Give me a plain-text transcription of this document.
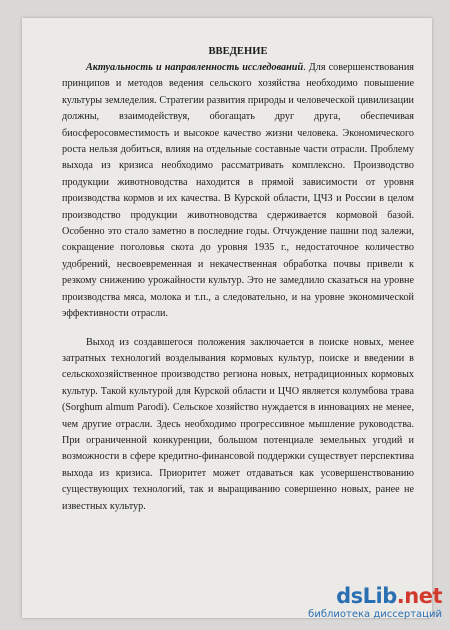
ВВЕДЕНИЕ

Актуальность и направленность исследований. Для совершенствования принципов и методов ведения сельского хозяйства необходимо повышение культуры земледелия. Стратегии развития природы и человеческой цивилизации должны, взаимодействуя, обогащать друг друга, обеспечивая биосферосовместимость и высокое качество жизни человека. Экономического роста нельзя добиться, влияя на отдельные составные части отрасли. Проблему выхода из кризиса необходимо рассматривать комплексно. Производство продукции животноводства находится в прямой зависимости от уровня производства кормов и их качества. В Курской области, ЦЧЗ и России в целом производство продукции животноводства сдерживается кормовой базой. Особенно это стало заметно в последние годы. Отчуждение пашни под залежи, сокращение поголовья скота до уровня 1935 г., недостаточное количество удобрений, несвоевременная и некачественная обработка почвы привели к резкому снижению урожайности культур. Это не замедлило сказаться на уровне производства мяса, молока и т.п., а следовательно, и на уровне экономической эффективности отрасли.

Выход из создавшегося положения заключается в поиске новых, менее затратных технологий возделывания кормовых культур, поиске и введении в сельскохозяйственное производство региона новых, нетрадиционных кормовых культур. Такой культурой для Курской области и ЦЧО является колумбова трава (Sorghum almum Parodi). Сельское хозяйство нуждается в инновациях не менее, чем другие отрасли. Здесь необходимо прогрессивное мышление руководства. При ограниченной конкуренции, большом потенциале земельных угодий и возможности в сфере кредитно-финансовой поддержки существует перспектива выхода из кризиса. Приоритет может отдаваться как усовершенствованию существующих технологий, так и выращиванию совершенно новых, ранее не известных культур.

dsLib.net
библиотека диссертаций
